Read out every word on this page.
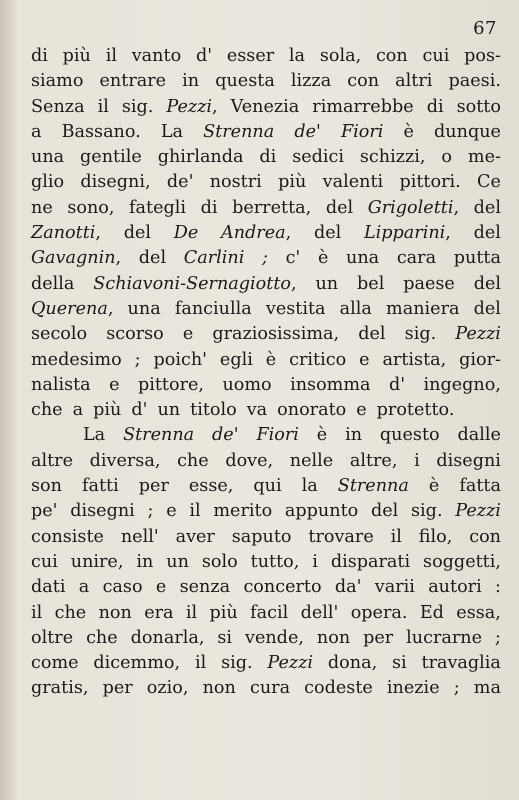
67
di più il vanto d' esser la sola, con cui pos-
siamo entrare in questa lizza con altri paesi.
Senza il sig. Pezzi, Venezia rimarrebbe di sotto
a Bassano. La Strenna de' Fiori è dunque
una gentile ghirlanda di sedici schizzi, o me-
glio disegni, de' nostri più valenti pittori. Ce
ne sono, fategli di berretta, del Grigoletti, del
Zanotti, del De Andrea, del Lipparini, del
Gavagnin, del Carlini ; c' è una cara putta
della Schiavoni-Sernagiotto, un bel paese del
Querena, una fanciulla vestita alla maniera del
secolo scorso e graziosissima, del sig. Pezzi
medesimo ; poich' egli è critico e artista, gior-
nalista e pittore, uomo insomma d' ingegno,
che a più d' un titolo va onorato e protetto.
La Strenna de' Fiori è in questo dalle
altre diversa, che dove, nelle altre, i disegni
son fatti per esse, qui la Strenna è fatta
pe' disegni ; e il merito appunto del sig. Pezzi
consiste nell' aver saputo trovare il filo, con
cui unire, in un solo tutto, i disparati soggetti,
dati a caso e senza concerto da' varii autori :
il che non era il più facil dell' opera. Ed essa,
oltre che donarla, si vende, non per lucrarne ;
come dicemmo, il sig. Pezzi dona, si travaglia
gratis, per ozio, non cura codeste inezie ; ma
